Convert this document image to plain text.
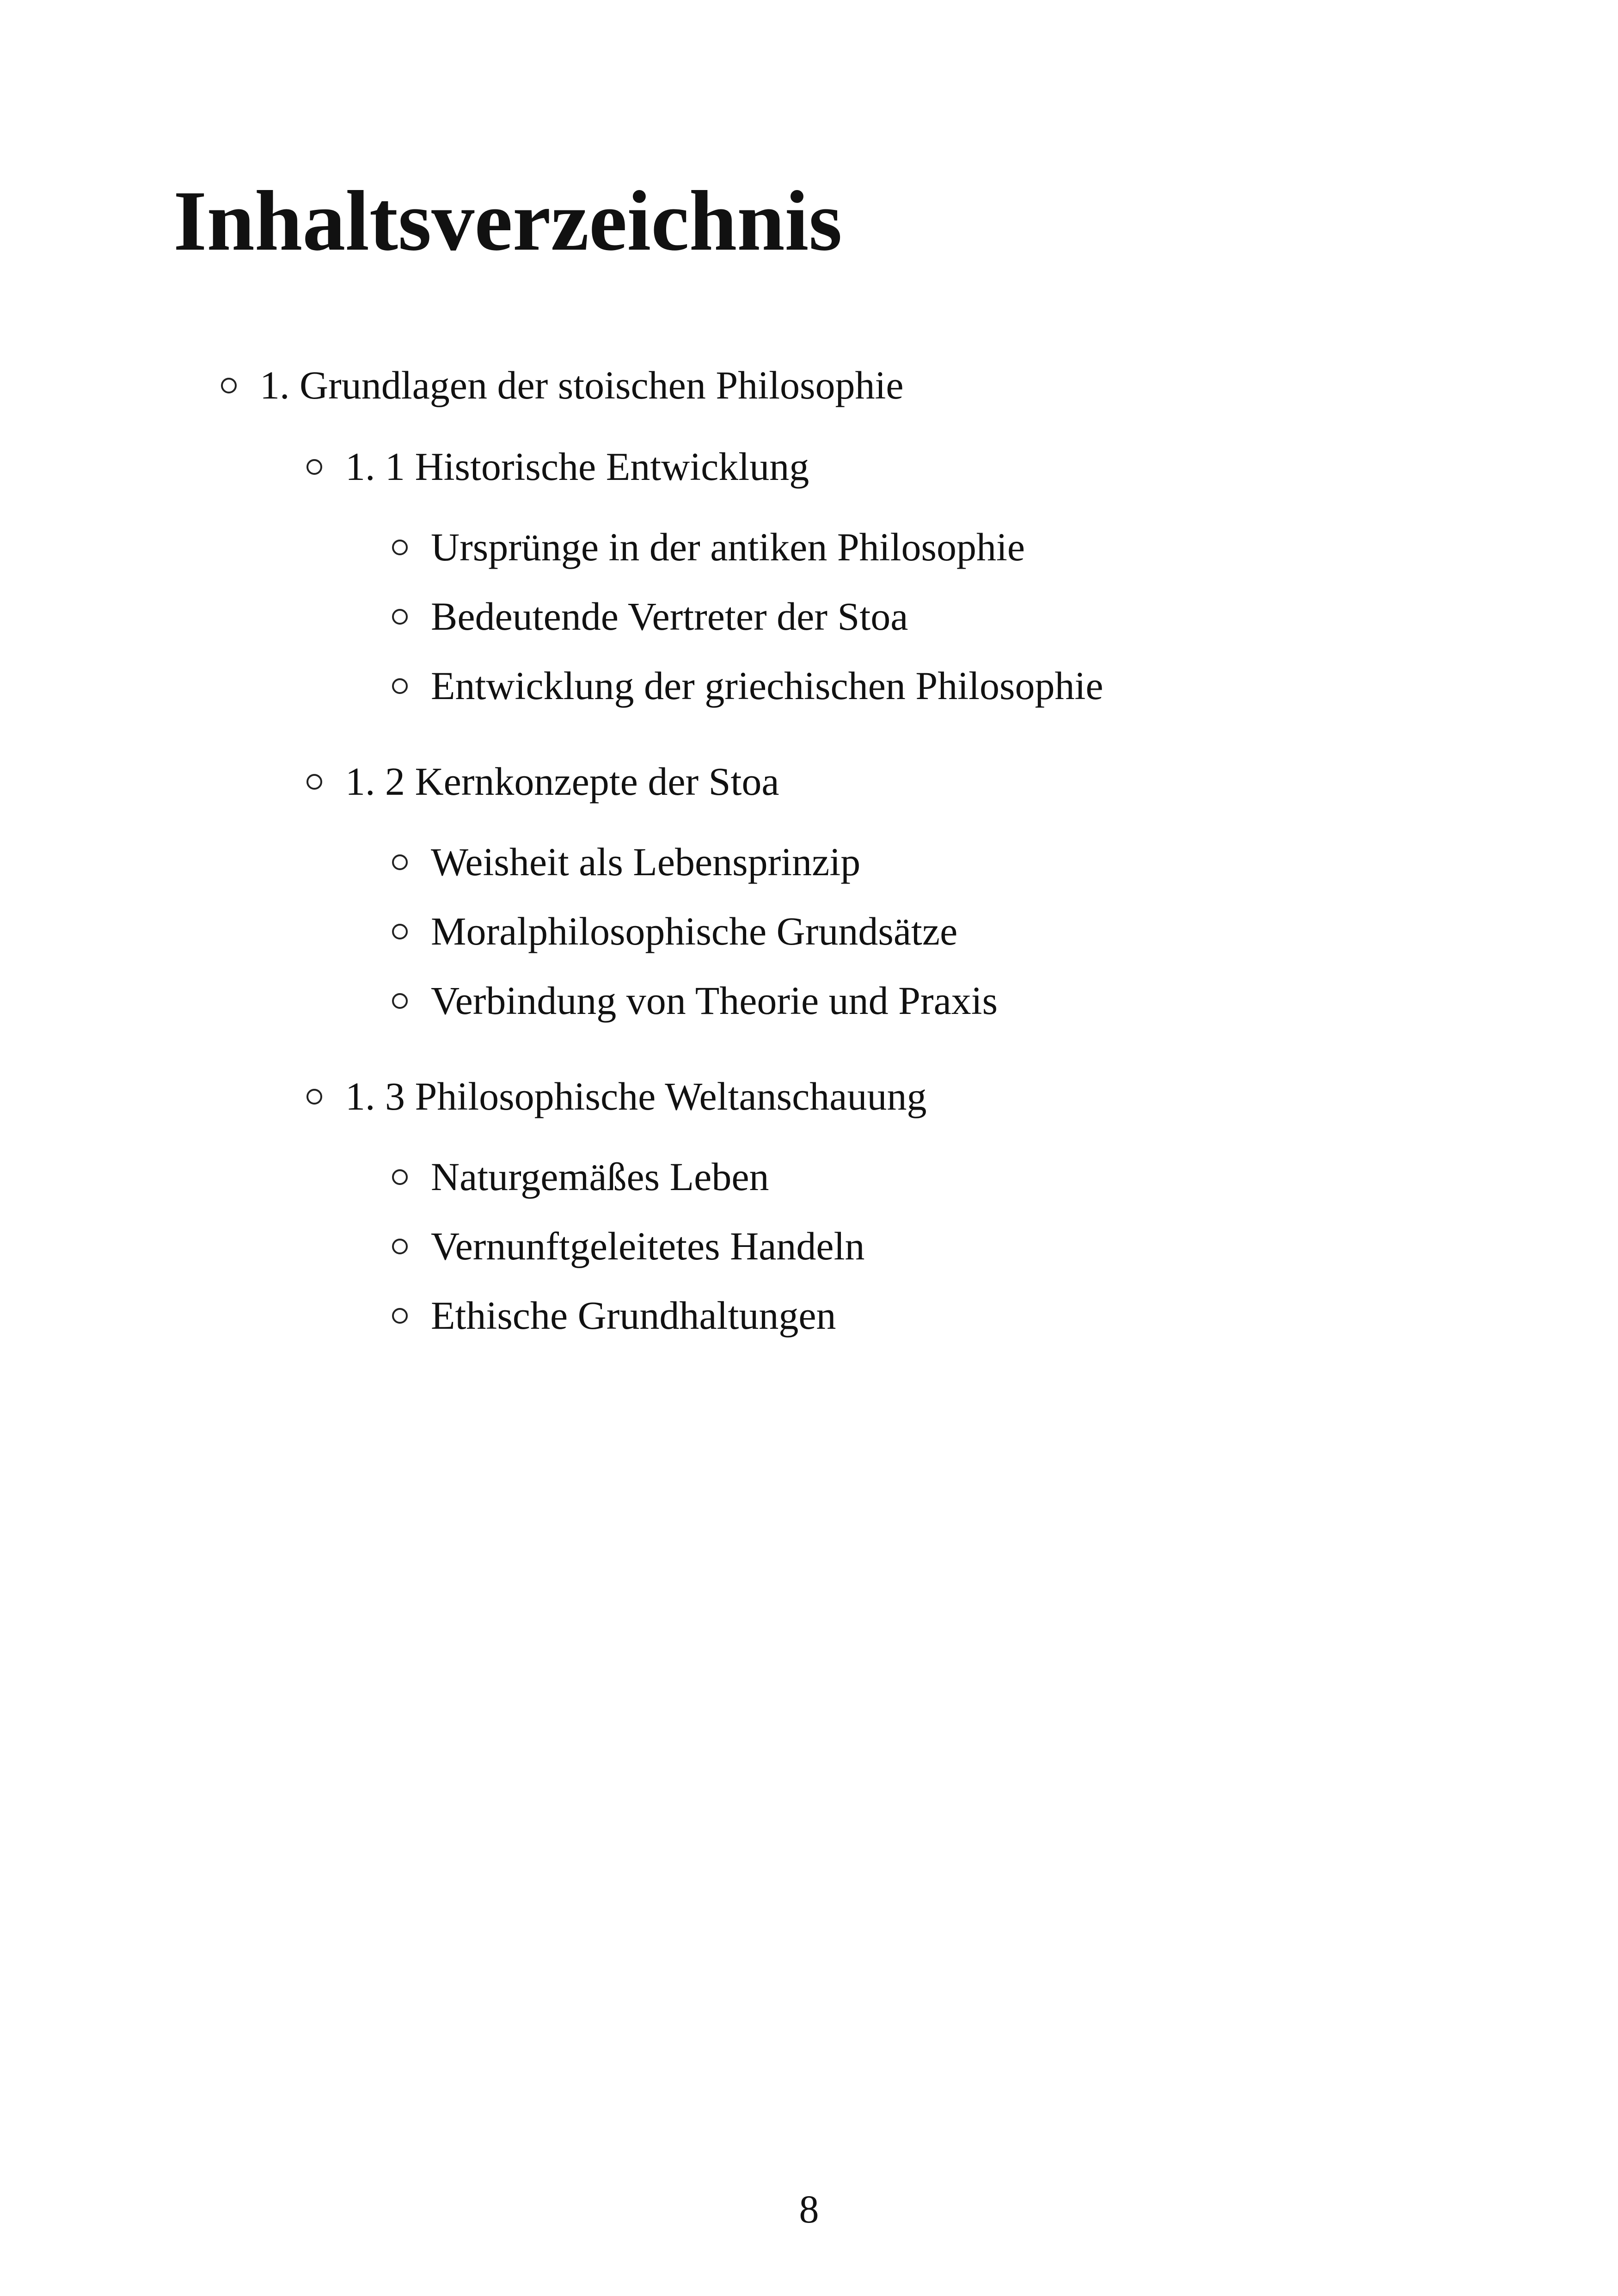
Inhaltsverzeichnis
1. Grundlagen der stoischen Philosophie
1. 1 Historische Entwicklung
Ursprünge in der antiken Philosophie
Bedeutende Vertreter der Stoa
Entwicklung der griechischen Philosophie
1. 2 Kernkonzepte der Stoa
Weisheit als Lebensprinzip
Moralphilosophische Grundsätze
Verbindung von Theorie und Praxis
1. 3 Philosophische Weltanschauung
Naturgemäßes Leben
Vernunftgeleitetes Handeln
Ethische Grundhaltungen
8
